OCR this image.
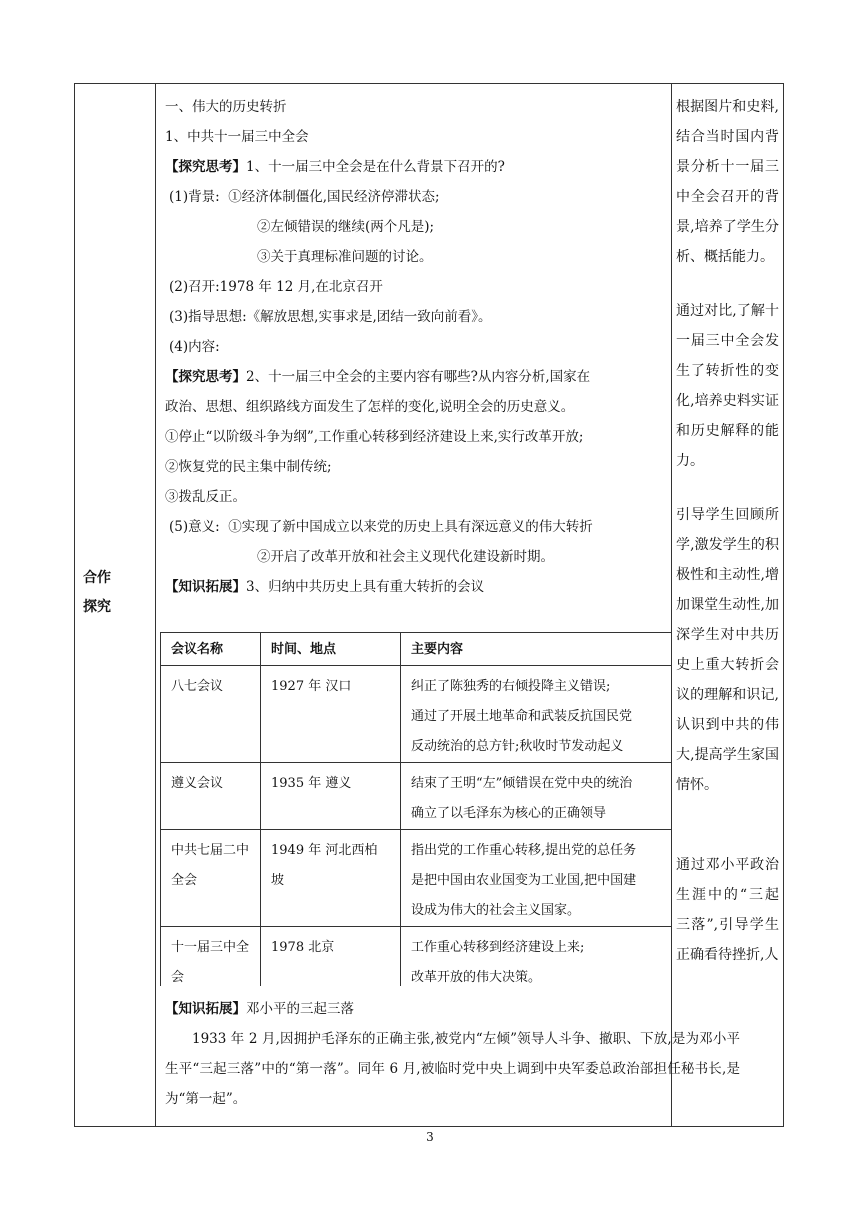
合作
探究

一、伟大的历史转折

1、中共十一届三中全会

【探究思考】1、十一届三中全会是在什么背景下召开的?

(1)背景: ①经济体制僵化,国民经济停滞状态;

②左倾错误的继续(两个凡是);

③关于真理标准问题的讨论。

(2)召开:1978 年 12 月,在北京召开

(3)指导思想:《解放思想,实事求是,团结一致向前看》。

(4)内容:

【探究思考】2、十一届三中全会的主要内容有哪些?从内容分析,国家在

政治、思想、组织路线方面发生了怎样的变化,说明全会的历史意义。

①停止“以阶级斗争为纲”,工作重心转移到经济建设上来,实行改革开放;

②恢复党的民主集中制传统;

③拨乱反正。

(5)意义: ①实现了新中国成立以来党的历史上具有深远意义的伟大转折

②开启了改革开放和社会主义现代化建设新时期。

【知识拓展】3、归纳中共历史上具有重大转折的会议

会议名称	时间、地点	主要内容
八七会议	1927 年 汉口	纠正了陈独秀的右倾投降主义错误;
通过了开展土地革命和武装反抗国民党
反动统治的总方针;秋收时节发动起义

遵义会议	1935 年 遵义	结束了王明“左”倾错误在党中央的统治
确立了以毛泽东为核心的正确领导

中共七届二中全会	1949 年 河北西柏坡	指出党的工作重心转移,提出党的总任务
是把中国由农业国变为工业国,把中国建
设成为伟大的社会主义国家。

十一届三中全会	1978 北京	工作重心转移到经济建设上来;
改革开放的伟大决策。

【知识拓展】邓小平的三起三落

1933 年 2 月,因拥护毛泽东的正确主张,被党内“左倾”领导人斗争、撤职、下放,是为邓小平生平“三起三落”中的“第一落”。同年 6 月,被临时党中央上调到中央军委总政治部担任秘书长,是为“第一起”。

根据图片和史料,结合当时国内背景分析十一届三中全会召开的背景,培养了学生分析、概括能力。

通过对比,了解十一届三中全会发生了转折性的变化,培养史料实证和历史解释的能力。

引导学生回顾所学,激发学生的积极性和主动性,增加课堂生动性,加深学生对中共历史上重大转折会议的理解和识记,认识到中共的伟大,提高学生家国情怀。

通过邓小平政治生涯中的“三起三落”,引导学生正确看待挫折,人

3
